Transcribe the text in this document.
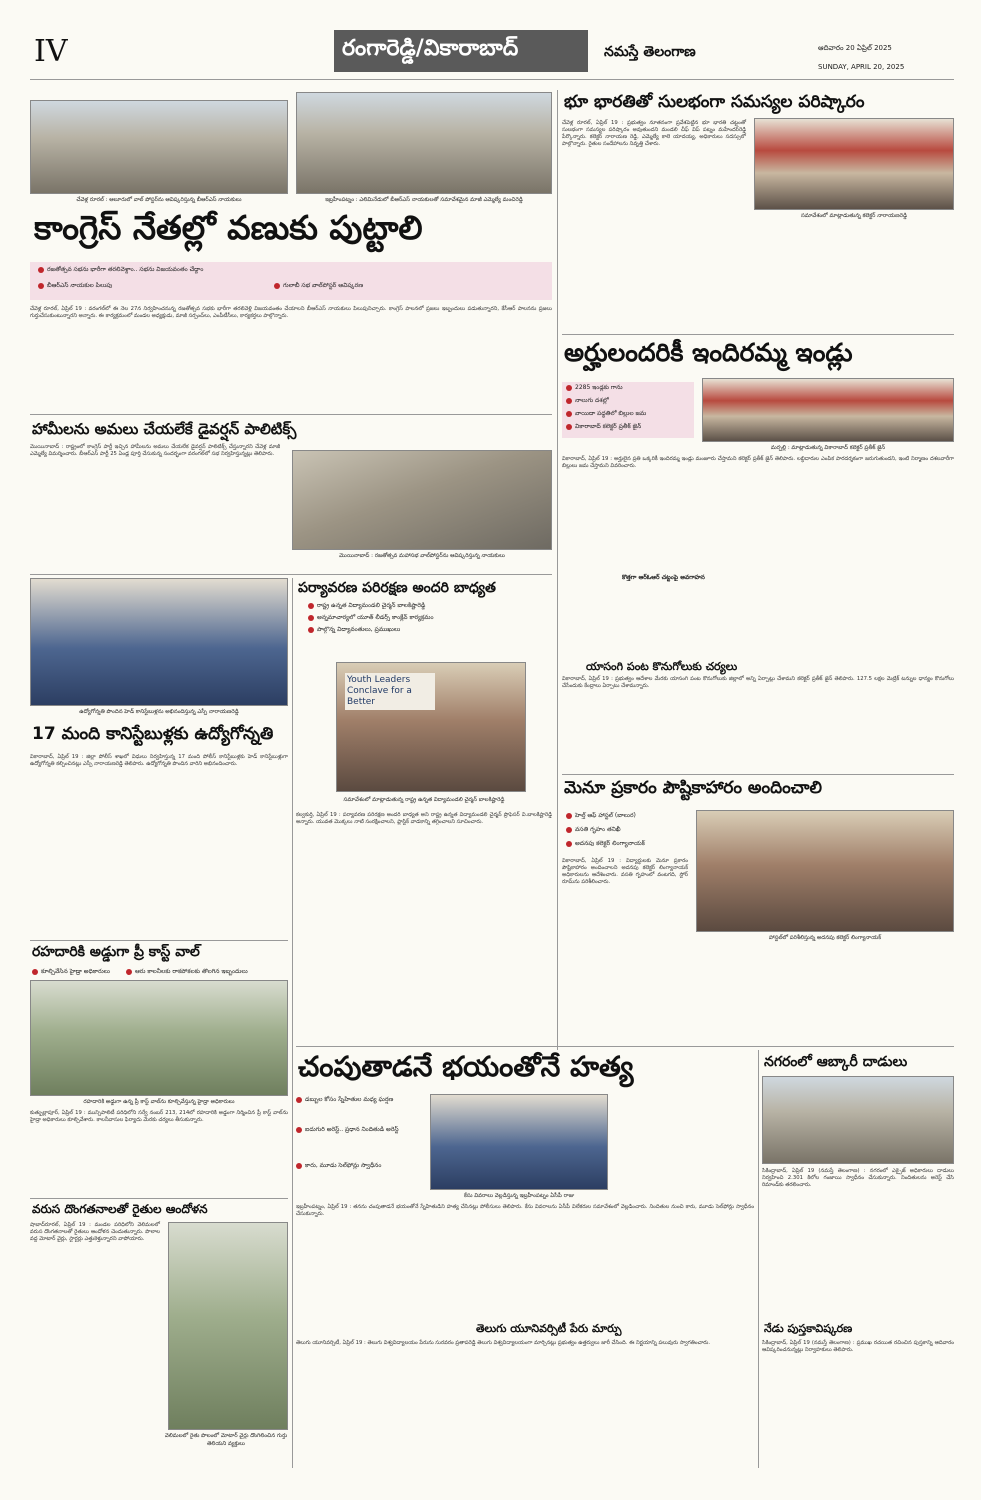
IV	రంగారెడ్డి/వికారాబాద్	నమస్తే తెలంగాణ	ఆదివారం 20 ఏప్రిల్ 2025
SUNDAY, APRIL 20, 2025
చేవెళ్ల రూరల్ : ఆలూరులో వాల్ పోస్టర్‌ను ఆవిష్కరిస్తున్న బీఆర్‌ఎస్ నాయకులు	ఇబ్రహీంపట్నం : ఎలిమినేడులో బీఆర్‌ఎస్ నాయకులతో సమావేశమైన మాజీ ఎమ్మెల్యే మంచిరెడ్డి
కాంగ్రెస్ నేతల్లో వణుకు పుట్టాలి
రజతోత్సవ సభను భారీగా తరలివెళ్దాం.. సభను విజయవంతం చేద్దాం
బీఆర్‌ఎస్ నాయకుల పిలుపు	గులాబీ సభ వాల్‌పోస్టర్ ఆవిష్కరణ
చేవెళ్ల రూరల్, ఏప్రిల్ 19 : వరంగల్‌లో ఈ నెల 27న నిర్వహించనున్న రజతోత్సవ సభకు భారీగా తరలివెళ్లి విజయవంతం చేయాలని బీఆర్‌ఎస్ నాయకులు పిలుపునిచ్చారు. కాంగ్రెస్ పాలనలో ప్రజలు ఇబ్బందులు పడుతున్నారని, కేసీఆర్ పాలనను ప్రజలు గుర్తుచేసుకుంటున్నారని అన్నారు. ఈ కార్యక్రమంలో మండల అధ్యక్షుడు, మాజీ సర్పంచ్‌లు, ఎంపీటీసీలు, కార్యకర్తలు పాల్గొన్నారు.
హామీలను అమలు చేయలేకే డైవర్షన్ పాలిటిక్స్
మొయినాబాద్ : రాష్ట్రంలో కాంగ్రెస్ పార్టీ ఇచ్చిన హామీలను అమలు చేయలేక డైవర్షన్ పాలిటిక్స్ చేస్తున్నారని చేవెళ్ల మాజీ ఎమ్మెల్యే విమర్శించారు. బీఆర్‌ఎస్ పార్టీ 25 ఏండ్ల పూర్తి చేసుకున్న సందర్భంగా వరంగల్‌లో సభ నిర్వహిస్తున్నట్లు తెలిపారు.
మొయినాబాద్ : రజతోత్సవ మహాసభ వాల్‌పోస్టర్‌ను ఆవిష్కరిస్తున్న నాయకులు
భూ భారతితో సులభంగా సమస్యల పరిష్కారం
చేవెళ్ల రూరల్, ఏప్రిల్ 19 : ప్రభుత్వం నూతనంగా ప్రవేశపెట్టిన భూ భారతి చట్టంతో సులభంగా సమస్యల పరిష్కారం అవుతుందని మండలి చీఫ్ విప్ పట్నం మహేందర్‌రెడ్డి పేర్కొన్నారు. కలెక్టర్ నారాయణ రెడ్డి, ఎమ్మెల్యే కాలె యాదయ్య, అధికారులు సదస్సులో పాల్గొన్నారు. రైతుల సందేహాలను నివృత్తి చేశారు.
సమావేశంలో మాట్లాడుతున్న కలెక్టర్ నారాయణరెడ్డి
అర్హులందరికీ ఇందిరమ్మ ఇండ్లు
2285 ఇండ్లకు గాను
నాలుగు దశల్లో
వాయిదా పద్ధతిలో బిల్లుల జమ
వికారాబాద్ కలెక్టర్ ప్రతీక్ జైన్
మర్పల్లి : మాట్లాడుతున్న వికారాబాద్ కలెక్టర్ ప్రతీక్ జైన్
వికారాబాద్, ఏప్రిల్ 19 : అర్హులైన ప్రతి ఒక్కరికీ ఇందిరమ్మ ఇండ్లు మంజూరు చేస్తామని కలెక్టర్ ప్రతీక్ జైన్ తెలిపారు. లబ్ధిదారుల ఎంపిక పారదర్శకంగా జరుగుతుందని, ఇంటి నిర్మాణం దశలవారీగా బిల్లులు జమ చేస్తామని వివరించారు.
కొత్తగా ఆర్‌ఓఆర్ చట్టంపై అవగాహన
ఉద్యోగోన్నతి పొందిన హెడ్ కానిస్టేబుళ్లను అభినందిస్తున్న ఎస్పీ నారాయణరెడ్డి
17 మంది కానిస్టేబుళ్లకు ఉద్యోగోన్నతి
వికారాబాద్, ఏప్రిల్ 19 : జిల్లా పోలీస్ శాఖలో విధులు నిర్వహిస్తున్న 17 మంది పోలీస్ కానిస్టేబుళ్లకు హెడ్ కానిస్టేబుళ్లుగా ఉద్యోగోన్నతి కల్పించినట్లు ఎస్పీ నారాయణరెడ్డి తెలిపారు. ఉద్యోగోన్నతి పొందిన వారిని అభినందించారు.
పర్యావరణ పరిరక్షణ అందరి బాధ్యత
రాష్ట్ర ఉన్నత విద్యామండలి చైర్మన్ బాలకిష్టారెడ్డి
అన్నమాచార్యలో యూత్ లీడర్స్ కాంక్లేవ్ కార్యక్రమం
పాల్గొన్న విద్యావంతులు, ప్రముఖులు
Youth Leaders Conclave for a Better
సమావేశంలో మాట్లాడుతున్న రాష్ట్ర ఉన్నత విద్యామండలి చైర్మన్ బాలకిష్టారెడ్డి
కల్వకుర్తి, ఏప్రిల్ 19 : పర్యావరణ పరిరక్షణ అందరి బాధ్యత అని రాష్ట్ర ఉన్నత విద్యామండలి చైర్మన్ ప్రొఫెసర్ వి.బాలకిష్టారెడ్డి అన్నారు. యువత మొక్కలు నాటి సంరక్షించాలని, ప్లాస్టిక్ వాడకాన్ని తగ్గించాలని సూచించారు.
యాసంగి పంట కొనుగోలుకు చర్యలు
వికారాబాద్, ఏప్రిల్ 19 : ప్రభుత్వం ఆదేశాల మేరకు యాసంగి పంట కొనుగోలుకు జిల్లాలో అన్ని ఏర్పాట్లు చేశామని కలెక్టర్ ప్రతీక్ జైన్ తెలిపారు. 127.5 లక్షల మెట్రిక్ టన్నుల ధాన్యం కొనుగోలు చేసేందుకు కేంద్రాలు ఏర్పాటు చేశామన్నారు.
మెనూ ప్రకారం పౌష్టికాహారం అందించాలి
హెల్త్ ఆఫ్ హాస్టల్ (బాలుర)
వసతి గృహం తనిఖీ
అదనపు కలెక్టర్ లింగ్యానాయక్
వికారాబాద్, ఏప్రిల్ 19 : విద్యార్థులకు మెనూ ప్రకారం పౌష్టికాహారం అందించాలని అదనపు కలెక్టర్ లింగ్యానాయక్ అధికారులను ఆదేశించారు. వసతి గృహంలో వంటగది, స్టోర్ రూమ్‌ను పరిశీలించారు.
హాస్టల్‌లో పరిశీలిస్తున్న అదనపు కలెక్టర్ లింగ్యానాయక్
రహదారికి అడ్డుగా ప్రీ కాస్ట్ వాల్
కూల్చివేసిన హైడ్రా అధికారులు	ఆరు కాలనీలకు రాకపోకలకు తొలగిన ఇబ్బందులు
రహదారికి అడ్డుగా ఉన్న ప్రీ కాస్ట్ వాల్‌ను కూల్చివేస్తున్న హైడ్రా అధికారులు
కుత్బుల్లాపూర్, ఏప్రిల్ 19 : మున్సిపాలిటీ పరిధిలోని సర్వే నంబర్ 213, 214లో రహదారికి అడ్డంగా నిర్మించిన ప్రీ కాస్ట్ వాల్‌ను హైడ్రా అధికారులు కూల్చివేశారు. కాలనీవాసుల ఫిర్యాదు మేరకు చర్యలు తీసుకున్నారు.
వరుస దొంగతనాలతో రైతుల ఆందోళన
షాబాద్‌రూరల్, ఏప్రిల్ 19 : మండల పరిధిలోని వెలిమలలో వరుస దొంగతనాలతో రైతులు ఆందోళన చెందుతున్నారు. పొలాల వద్ద మోటార్ వైర్లు, స్టార్టర్లు ఎత్తుకెళ్తున్నారని వాపోయారు.
వెలిమలలో రైతు పొలంలో మోటార్ వైర్లు దొంగిలించిన గుర్తు తెలియని వ్యక్తులు
చంపుతాడనే భయంతోనే హత్య
డబ్బుల కోసం స్నేహితుల మధ్య ఘర్షణ
ఐదుగురి అరెస్ట్.. ప్రధాన నిందితుడి అరెస్ట్
కారు, మూడు సెల్‌ఫోన్లు స్వాధీనం
కేసు వివరాలు వెల్లడిస్తున్న ఇబ్రహీంపట్నం ఏసీపీ రాజు
ఇబ్రహీంపట్నం, ఏప్రిల్ 19 : తనను చంపుతాడనే భయంతోనే స్నేహితుడిని హత్య చేసినట్లు పోలీసులు తెలిపారు. కేసు వివరాలను ఏసీపీ విలేకరుల సమావేశంలో వెల్లడించారు. నిందితుల నుంచి కారు, మూడు సెల్‌ఫోన్లు స్వాధీనం చేసుకున్నారు.
నగరంలో ఆబ్కారీ దాడులు
సికింద్రాబాద్, ఏప్రిల్ 19 (నమస్తే తెలంగాణ) : నగరంలో ఎక్సైజ్ అధికారులు దాడులు నిర్వహించి 2.301 కిలోల గంజాయి స్వాధీనం చేసుకున్నారు. నిందితులను అరెస్ట్ చేసి రిమాండ్‌కు తరలించారు.
తెలుగు యూనివర్సిటీ పేరు మార్పు
తెలుగు యూనివర్సిటీ, ఏప్రిల్ 19 : తెలుగు విశ్వవిద్యాలయం పేరును సురవరం ప్రతాపరెడ్డి తెలుగు విశ్వవిద్యాలయంగా మార్చినట్లు ప్రభుత్వం ఉత్తర్వులు జారీ చేసింది. ఈ నిర్ణయాన్ని పలువురు స్వాగతించారు.
నేడు పుస్తకావిష్కరణ
సికింద్రాబాద్, ఏప్రిల్ 19 (నమస్తే తెలంగాణ) : ప్రముఖ రచయిత రచించిన పుస్తకాన్ని ఆదివారం ఆవిష్కరించనున్నట్లు నిర్వాహకులు తెలిపారు.
